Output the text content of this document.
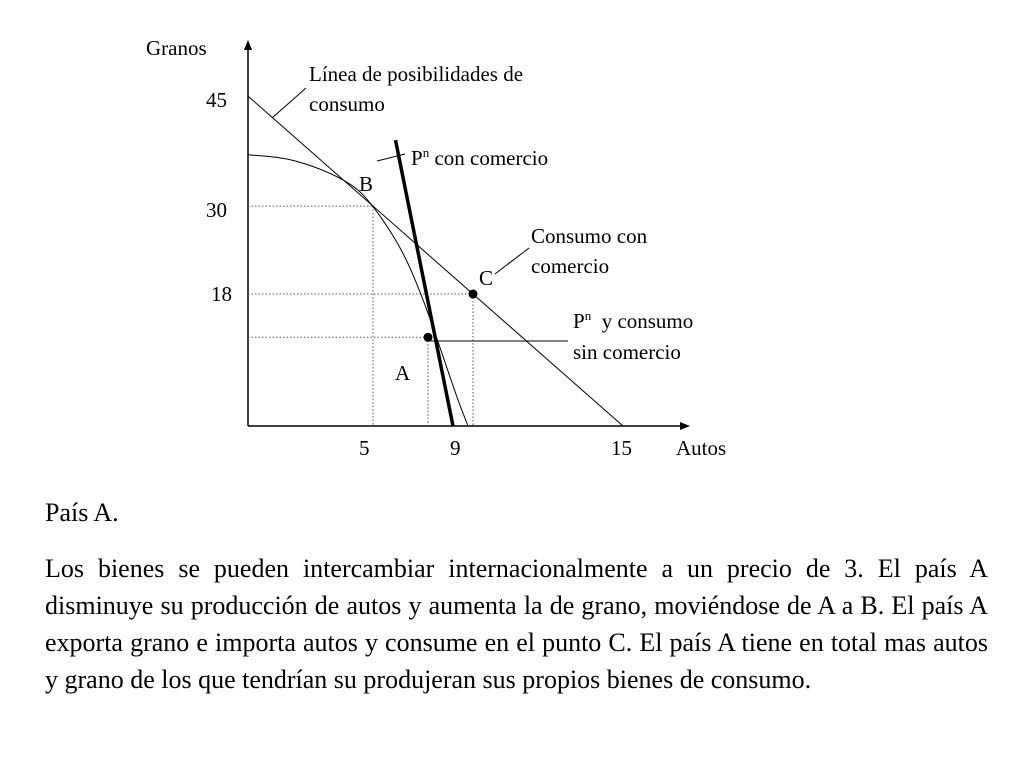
Granos
Autos
45
30
18
5	9	15
B
C
A
Línea de posibilidades de
consumo
$P^n$ con comercio
Consumo con
comercio
$P^n$  y consumo
sin comercio

País A.

Los bienes se pueden intercambiar internacionalmente a un precio de 3. El país A disminuye su producción de autos y aumenta la de grano, moviéndose de A a B. El país A exporta grano e importa autos y consume en el punto C. El país A tiene en total mas autos y grano de los que tendrían su produjeran sus propios bienes de consumo.
